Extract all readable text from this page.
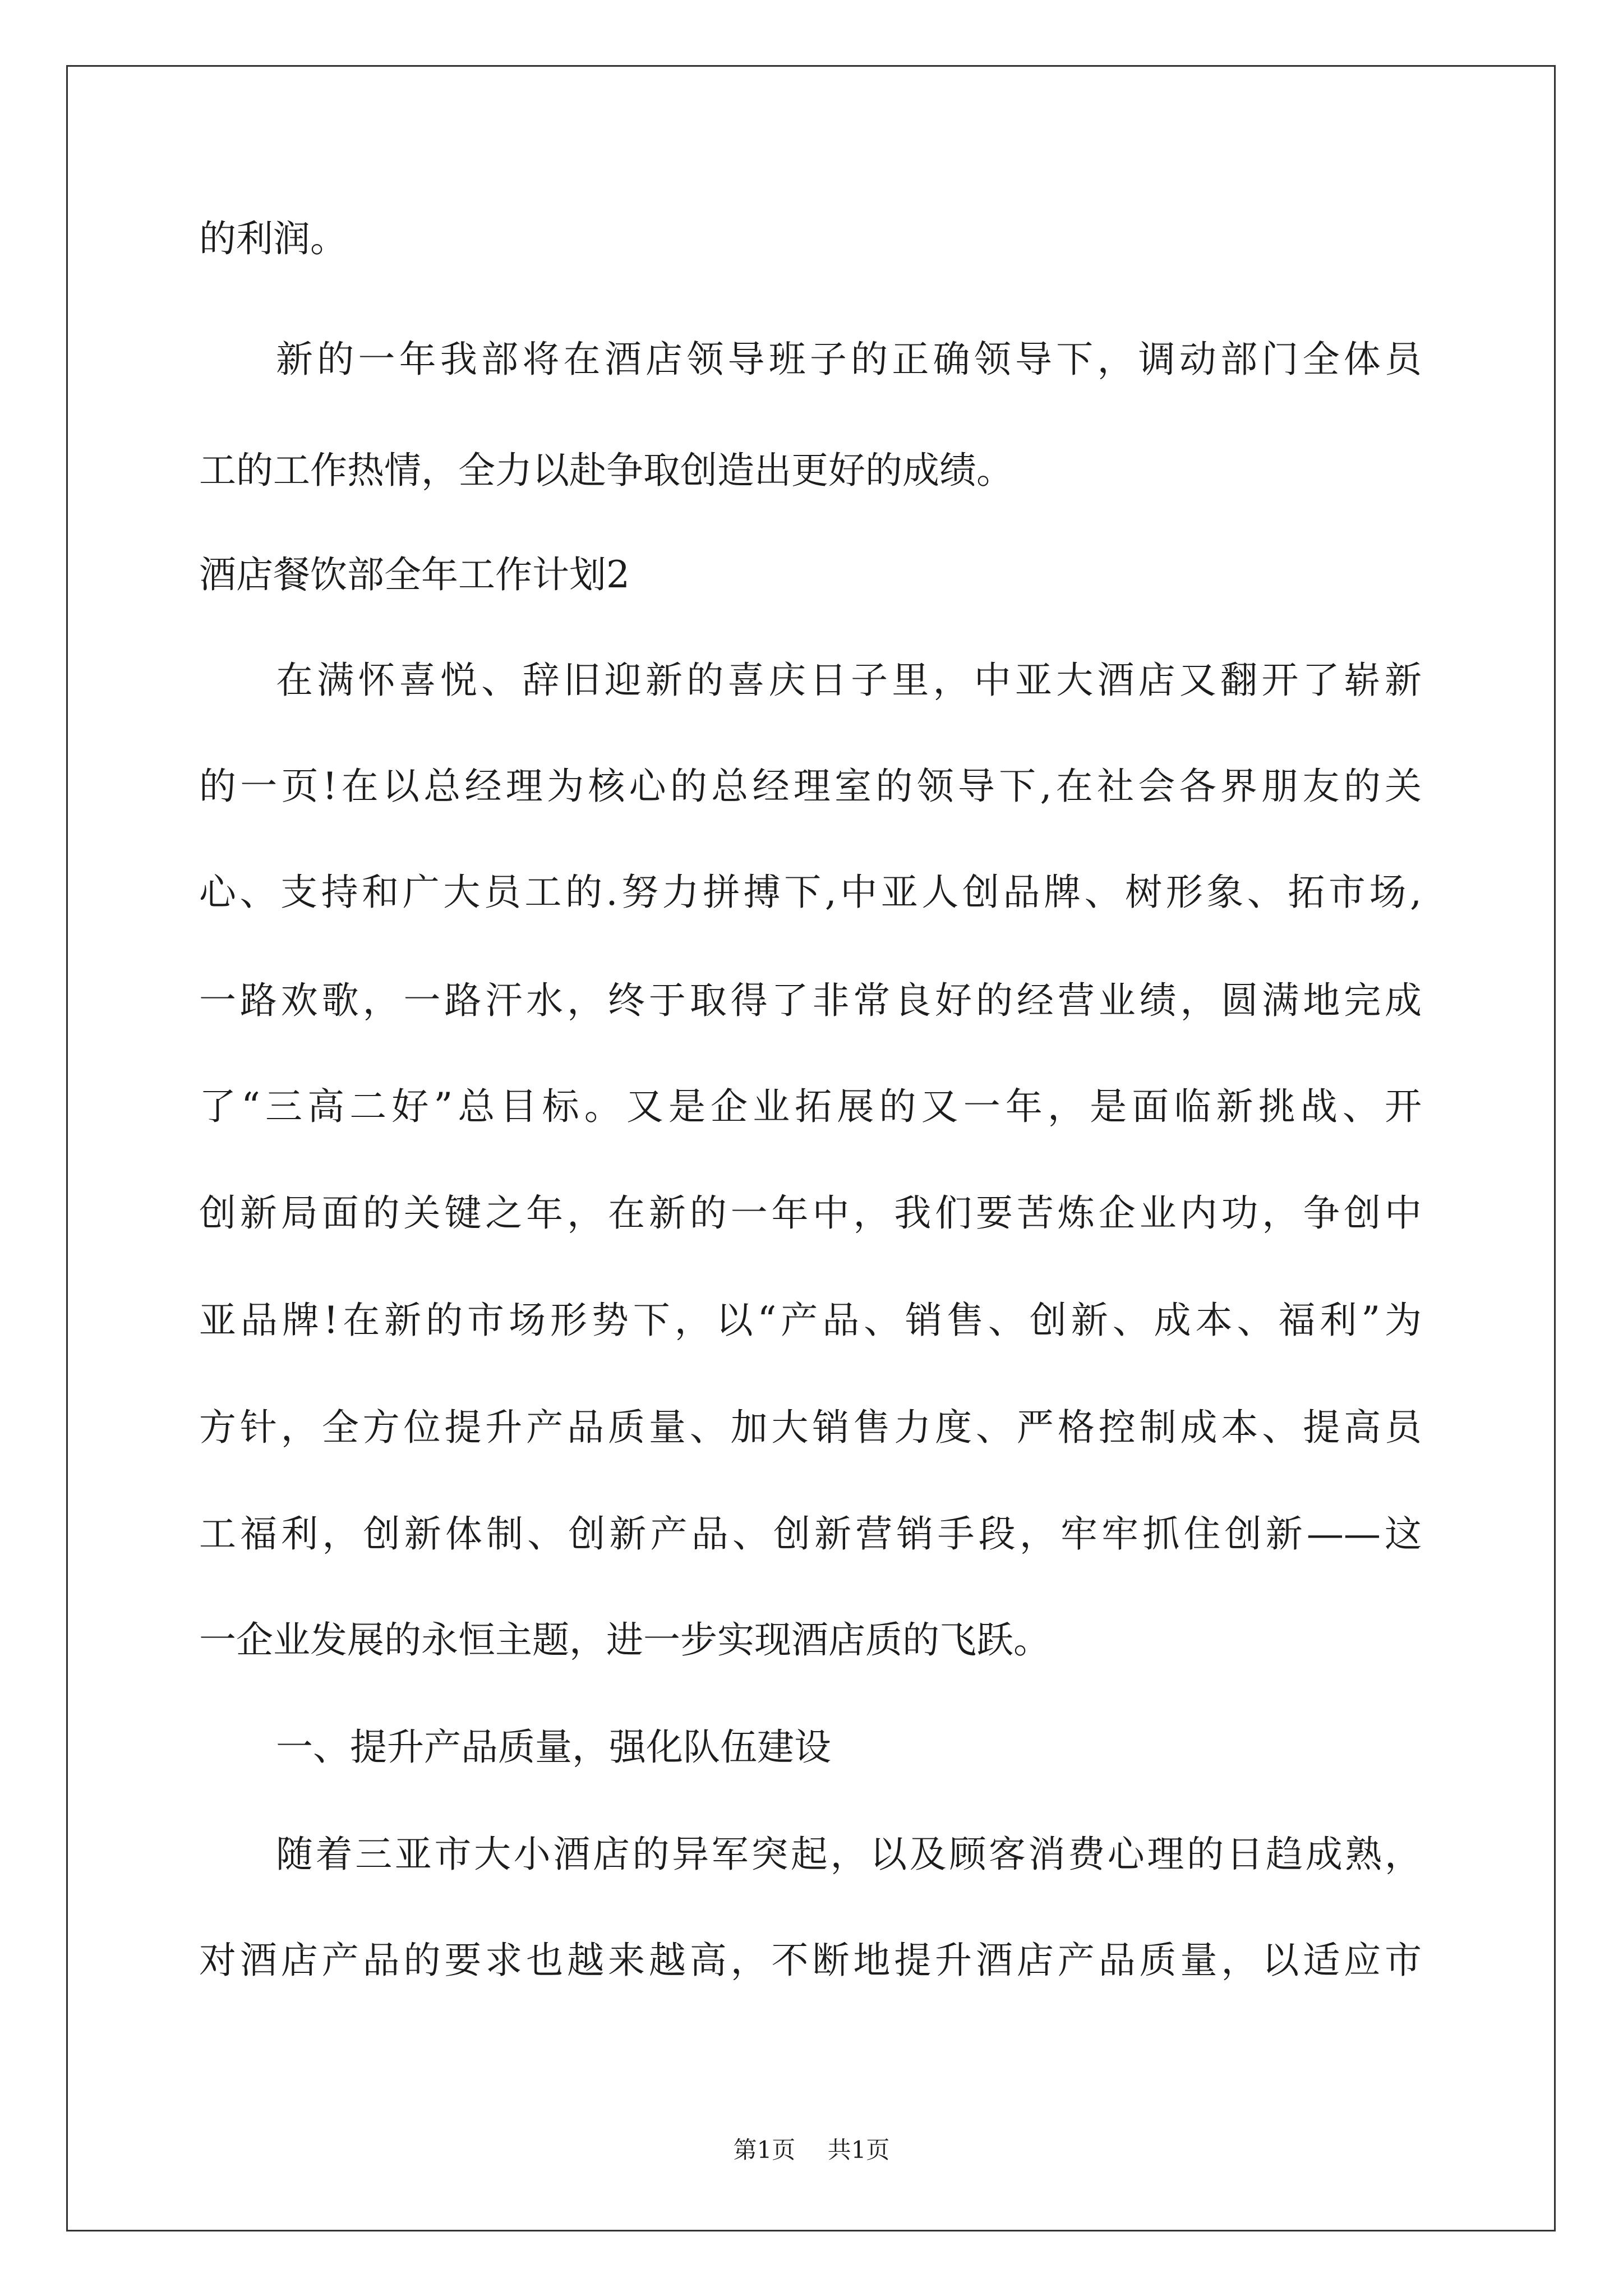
的利润。
新的一年我部将在酒店领导班子的正确领导下，调动部门全体员
工的工作热情，全力以赴争取创造出更好的成绩。
酒店餐饮部全年工作计划2
在满怀喜悦、辞旧迎新的喜庆日子里，中亚大酒店又翻开了崭新
的一页!在以总经理为核心的总经理室的领导下,在社会各界朋友的关
心、支持和广大员工的.努力拼搏下,中亚人创品牌、树形象、拓市场,
一路欢歌，一路汗水，终于取得了非常良好的经营业绩，圆满地完成
了“三高二好”总目标。又是企业拓展的又一年，是面临新挑战、开
创新局面的关键之年，在新的一年中，我们要苦炼企业内功，争创中
亚品牌!在新的市场形势下，以“产品、销售、创新、成本、福利”为
方针，全方位提升产品质量、加大销售力度、严格控制成本、提高员
工福利，创新体制、创新产品、创新营销手段，牢牢抓住创新——这
一企业发展的永恒主题，进一步实现酒店质的飞跃。
一、提升产品质量，强化队伍建设
随着三亚市大小酒店的异军突起，以及顾客消费心理的日趋成熟，
对酒店产品的要求也越来越高，不断地提升酒店产品质量，以适应市
第1页 共1页
